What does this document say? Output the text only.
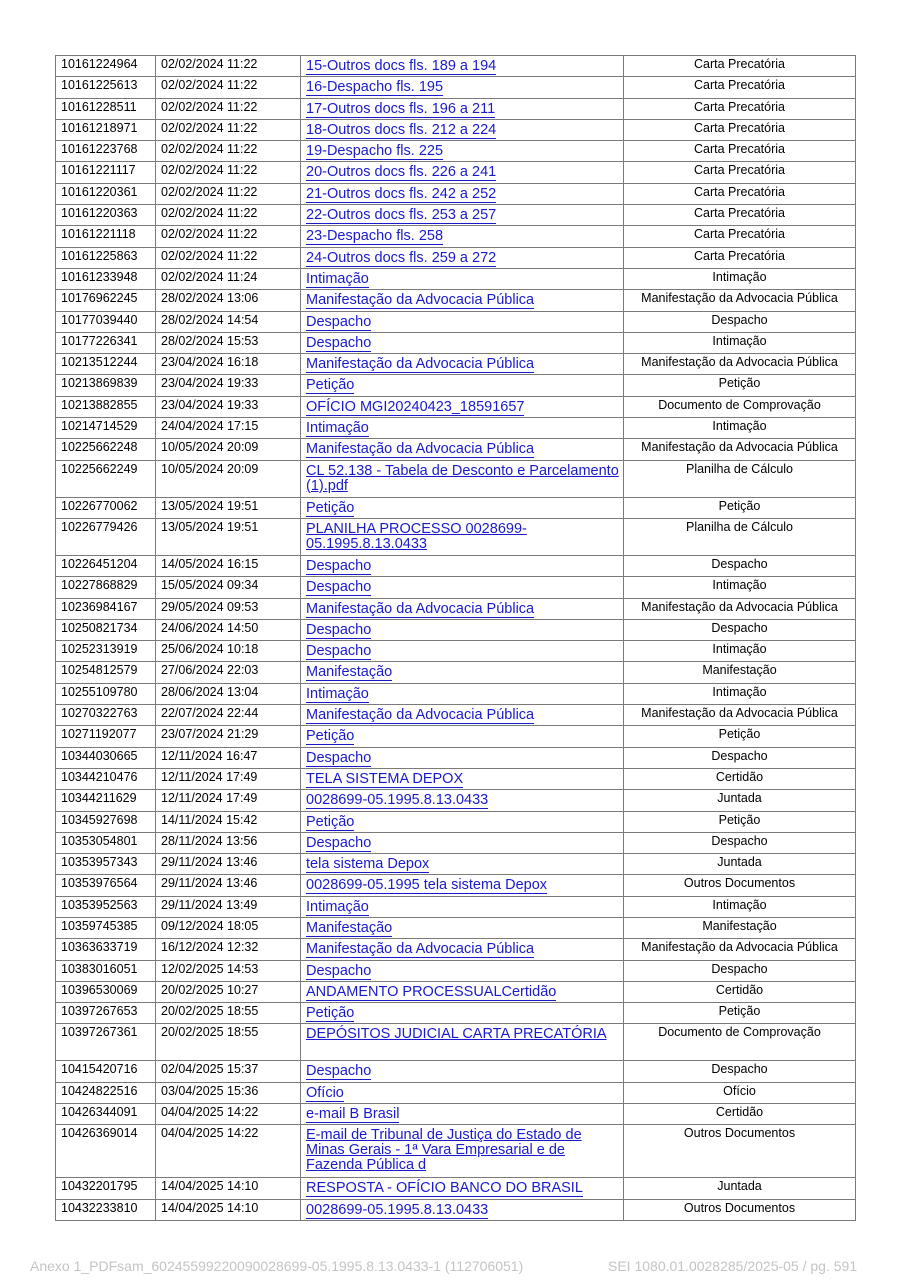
10161224964	02/02/2024 11:22	15-Outros docs fls. 189 a 194	Carta Precatória
10161225613	02/02/2024 11:22	16-Despacho fls. 195	Carta Precatória
10161228511	02/02/2024 11:22	17-Outros docs fls. 196 a 211	Carta Precatória
10161218971	02/02/2024 11:22	18-Outros docs fls. 212 a 224	Carta Precatória
10161223768	02/02/2024 11:22	19-Despacho fls. 225	Carta Precatória
10161221117	02/02/2024 11:22	20-Outros docs fls. 226 a 241	Carta Precatória
10161220361	02/02/2024 11:22	21-Outros docs fls. 242 a 252	Carta Precatória
10161220363	02/02/2024 11:22	22-Outros docs fls. 253 a 257	Carta Precatória
10161221118	02/02/2024 11:22	23-Despacho fls. 258	Carta Precatória
10161225863	02/02/2024 11:22	24-Outros docs fls. 259 a 272	Carta Precatória
10161233948	02/02/2024 11:24	Intimação	Intimação
10176962245	28/02/2024 13:06	Manifestação da Advocacia Pública	Manifestação da Advocacia Pública
10177039440	28/02/2024 14:54	Despacho	Despacho
10177226341	28/02/2024 15:53	Despacho	Intimação
10213512244	23/04/2024 16:18	Manifestação da Advocacia Pública	Manifestação da Advocacia Pública
10213869839	23/04/2024 19:33	Petição	Petição
10213882855	23/04/2024 19:33	OFÍCIO MGI20240423_18591657	Documento de Comprovação
10214714529	24/04/2024 17:15	Intimação	Intimação
10225662248	10/05/2024 20:09	Manifestação da Advocacia Pública	Manifestação da Advocacia Pública
10225662249	10/05/2024 20:09	CL 52.138 - Tabela de Desconto e Parcelamento (1).pdf	Planilha de Cálculo
10226770062	13/05/2024 19:51	Petição	Petição
10226779426	13/05/2024 19:51	PLANILHA PROCESSO 0028699-05.1995.8.13.0433	Planilha de Cálculo
10226451204	14/05/2024 16:15	Despacho	Despacho
10227868829	15/05/2024 09:34	Despacho	Intimação
10236984167	29/05/2024 09:53	Manifestação da Advocacia Pública	Manifestação da Advocacia Pública
10250821734	24/06/2024 14:50	Despacho	Despacho
10252313919	25/06/2024 10:18	Despacho	Intimação
10254812579	27/06/2024 22:03	Manifestação	Manifestação
10255109780	28/06/2024 13:04	Intimação	Intimação
10270322763	22/07/2024 22:44	Manifestação da Advocacia Pública	Manifestação da Advocacia Pública
10271192077	23/07/2024 21:29	Petição	Petição
10344030665	12/11/2024 16:47	Despacho	Despacho
10344210476	12/11/2024 17:49	TELA SISTEMA DEPOX	Certidão
10344211629	12/11/2024 17:49	0028699-05.1995.8.13.0433	Juntada
10345927698	14/11/2024 15:42	Petição	Petição
10353054801	28/11/2024 13:56	Despacho	Despacho
10353957343	29/11/2024 13:46	tela sistema Depox	Juntada
10353976564	29/11/2024 13:46	0028699-05.1995 tela sistema Depox	Outros Documentos
10353952563	29/11/2024 13:49	Intimação	Intimação
10359745385	09/12/2024 18:05	Manifestação	Manifestação
10363633719	16/12/2024 12:32	Manifestação da Advocacia Pública	Manifestação da Advocacia Pública
10383016051	12/02/2025 14:53	Despacho	Despacho
10396530069	20/02/2025 10:27	ANDAMENTO PROCESSUALCertidão	Certidão
10397267653	20/02/2025 18:55	Petição	Petição
10397267361	20/02/2025 18:55	DEPÓSITOS JUDICIAL CARTA PRECATÓRIA	Documento de Comprovação
10415420716	02/04/2025 15:37	Despacho	Despacho
10424822516	03/04/2025 15:36	Ofício	Ofício
10426344091	04/04/2025 14:22	e-mail B Brasil	Certidão
10426369014	04/04/2025 14:22	E-mail de Tribunal de Justiça do Estado de Minas Gerais - 1ª Vara Empresarial e de Fazenda Pública d	Outros Documentos
10432201795	14/04/2025 14:10	RESPOSTA - OFÍCIO BANCO DO BRASIL	Juntada
10432233810	14/04/2025 14:10	0028699-05.1995.8.13.0433	Outros Documentos
Anexo 1_PDFsam_60245599220090028699-05.1995.8.13.0433-1 (112706051)	SEI 1080.01.0028285/2025-05 / pg. 591
